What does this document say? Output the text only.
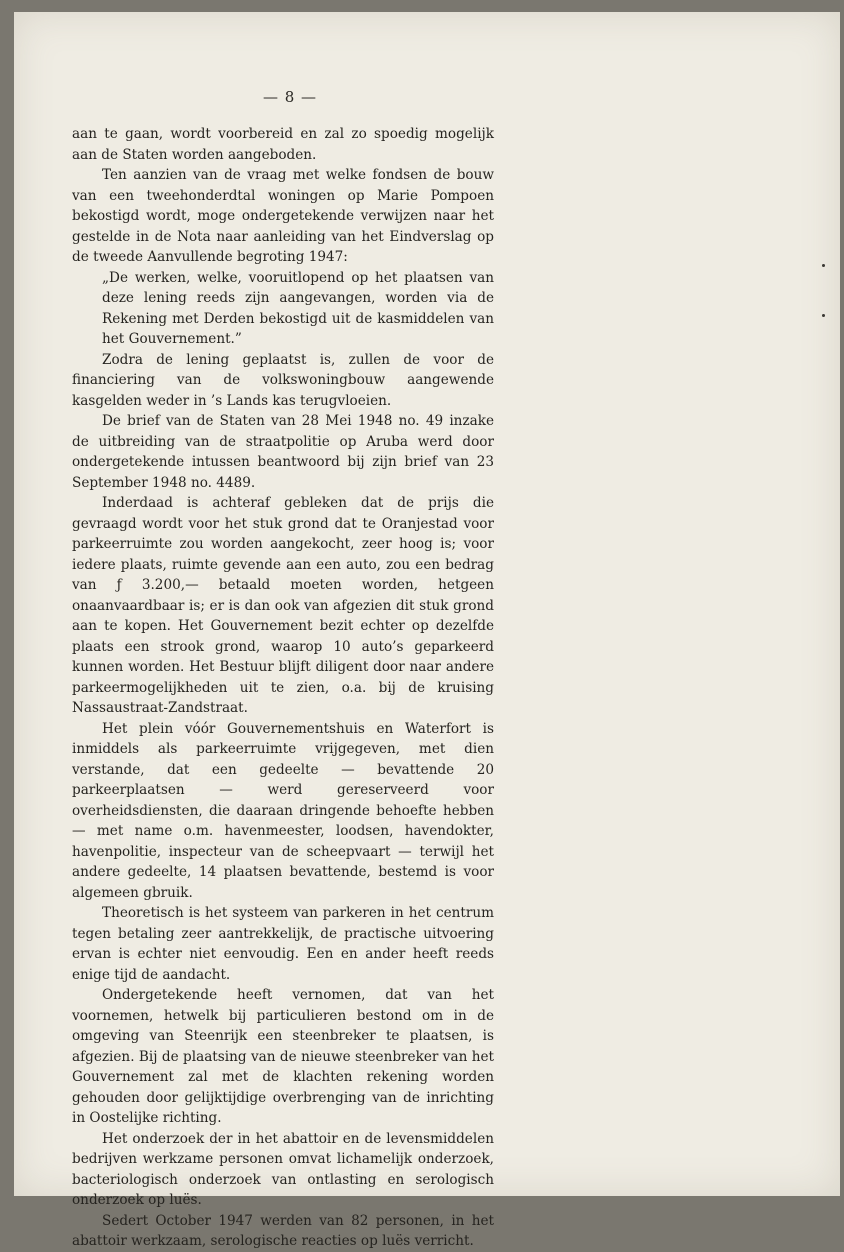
— 8 —

aan te gaan, wordt voorbereid en zal zo spoedig mogelijk aan de Staten worden aangeboden.

Ten aanzien van de vraag met welke fondsen de bouw van een tweehonderdtal woningen op Marie Pompoen bekostigd wordt, moge ondergetekende verwijzen naar het gestelde in de Nota naar aanleiding van het Eindverslag op de tweede Aanvullende begroting 1947:

„De werken, welke, vooruitlopend op het plaatsen van deze lening reeds zijn aangevangen, worden via de Rekening met Derden bekostigd uit de kasmiddelen van het Gouvernement.”

Zodra de lening geplaatst is, zullen de voor de financiering van de volkswoningbouw aangewende kasgelden weder in ’s Lands kas terugvloeien.

De brief van de Staten van 28 Mei 1948 no. 49 inzake de uitbreiding van de straatpolitie op Aruba werd door ondergetekende intussen beantwoord bij zijn brief van 23 September 1948 no. 4489.

Inderdaad is achteraf gebleken dat de prijs die gevraagd wordt voor het stuk grond dat te Oranjestad voor parkeerruimte zou worden aangekocht, zeer hoog is; voor iedere plaats, ruimte gevende aan een auto, zou een bedrag van ƒ 3.200,— betaald moeten worden, hetgeen onaanvaardbaar is; er is dan ook van afgezien dit stuk grond aan te kopen. Het Gouvernement bezit echter op dezelfde plaats een strook grond, waarop 10 auto’s geparkeerd kunnen worden. Het Bestuur blijft diligent door naar andere parkeermogelijkheden uit te zien, o.a. bij de kruising Nassaustraat-Zandstraat.

Het plein vóór Gouvernementshuis en Waterfort is inmiddels als parkeerruimte vrijgegeven, met dien verstande, dat een gedeelte — bevattende 20 parkeerplaatsen — werd gereserveerd voor overheidsdiensten, die daaraan dringende behoefte hebben — met name o.m. havenmeester, loodsen, havendokter, havenpolitie, inspecteur van de scheepvaart — terwijl het andere gedeelte, 14 plaatsen bevattende, bestemd is voor algemeen gbruik.

Theoretisch is het systeem van parkeren in het centrum tegen betaling zeer aantrekkelijk, de practische uitvoering ervan is echter niet eenvoudig. Een en ander heeft reeds enige tijd de aandacht.

Ondergetekende heeft vernomen, dat van het voornemen, hetwelk bij particulieren bestond om in de omgeving van Steenrijk een steenbreker te plaatsen, is afgezien. Bij de plaatsing van de nieuwe steenbreker van het Gouvernement zal met de klachten rekening worden gehouden door gelijktijdige overbrenging van de inrichting in Oostelijke richting.

Het onderzoek der in het abattoir en de levensmiddelen bedrijven werkzame personen omvat lichamelijk onderzoek, bacteriologisch onderzoek van ontlasting en serologisch onderzoek op luës.

Sedert October 1947 werden van 82 personen, in het abattoir werkzaam, serologische reacties op luës verricht.
